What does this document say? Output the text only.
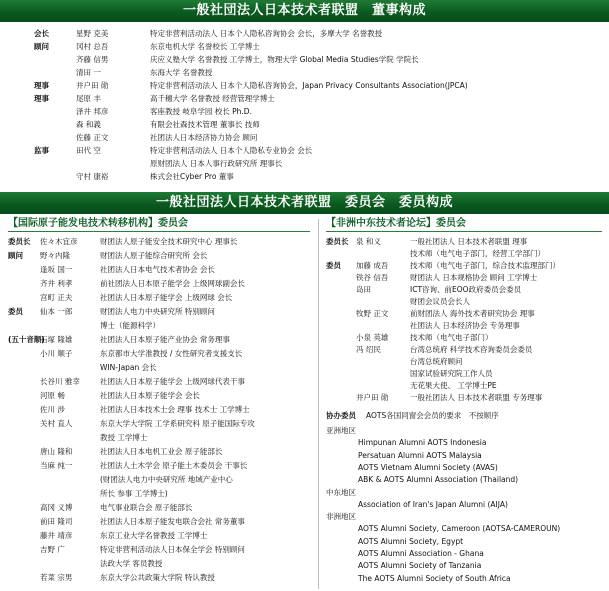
一般社団法人日本技术者联盟　董事构成
会长	星野 克美	特定非营利活动法人 日本个人隐私咨询协会 会长，多摩大学 名誉教授
顾问	冈村 总吾	东京电机大学 名誉校长 工学博士
齐藤 信男	庆应义塾大学 名誉教授 工学博士，物理大学 Global Media Studies学院 学院长
清田 一	东海大学 名誉教授
理事	井户田 勋	特定非营利活动法人 日本个人隐私咨询协会，Japan Privacy Consultants Association(JPCA)
理事	尾原 丰	高千穗大学 名誉教授 经营管理学博士
泽井 邦彦	客座教授 岐阜学园 校长 Ph.D.
森 和義	有限会社森技术管理 董事长 技师
佐藤 正文	社团法人日本经济协力协会 顾问
监事	田代 空	特定非营利活动法人 日本个人隐私专业协会 会长
原财团法人 日本人事行政研究所 理事长
守村 康裕	株式会社Cyber Pro 董事
一般社団法人日本技术者联盟　委员会　委员构成
【国际原子能发电技术转移机构】委员会
委员长 佐々木宜彦	财团法人原子能安全技术研究中心 理事长
顾问 野々内隆	财团法人原子能综合研究所 会长
逢坂 国一	社团法人日本电气技术者协会 会长
齐井 利孝	前社团法人日本原子能学会 上级网球副会长
宫町 正夫	社团法人日本原子能学会 上级网球 会长
委员 仙本 一郎	财团法人电力中央研究所 特别顾问
博士（能源科学）
(五十音顺)
石塚 隆雄	社团法人日本原子能产业协会 常务理事
小川 顺子	东京都市大学准教授 / 女性研究者支援支长
WIN-Japan 会长
长谷川 雅幸	社团法人日本原子能学会 上级网球代表干事
河原 畅	社团法人日本原子能学会 会长
佐川 涉	社团法人日本技术士会 理事 技术士 工学博士
关村 直人	东京大学大学院 工学系研究科 原子能国际专攻
教授 工学博士
唐山 隆和	社团法人日本电机工业会 原子能部长
当麻 纯一	社团法人土木学会 原子能土木委员会 干事长
(财团法人电力中央研究所 地域产业中心
所长 参事 工学博士)
高冈 义博	电气事业联合会 原子能部长
前田 隆司	社团法人日本原子能发电联合会社 常务董事
藤井 靖彦	东京工业大学名誉教授 工学博士
吉野 广	特定非营利活动法人日本保全学会 特别顾问
法政大学 客员教授
若菜 宗男	东京大学公共政策大学院 特认教授
【非洲中东技术者论坛】委员会
委员长 泉 和义	一般社团法人 日本技术者联盟 理事
技术师（电气电子部门，经营工学部门）
委员 加藤 成吾	技术师（电气电子部门，综合技术监理部门）
铁谷 信吾	财团法人 日本规格协会 顾问 工学博士
岛田	ICT咨询、前EOO政府委员会委员
财团会议员会长人
牧野 正文	前财团法人 海外技术者研究协会 理事
社团法人 日本经济协会 专务理事
小泉 英雄	技术师（电气电子部门）
冯 绍民	台湾总统府 科学技术咨询委员会委员
台湾总统府顾问
国家试验研究院工作人员
无花果大使、 工学博士PE
井户田 勋	一般社团法人 日本技术者联盟 专务理事
协办委员 AOTS各国同窗会会员的要求　不按顺序
亚洲地区
Himpunan Alumni AOTS Indonesia
Persatuan Alumni AOTS Malaysia
AOTS Vietnam Alumni Society (AVAS)
ABK & AOTS Alumni Association (Thailand)
中东地区
Association of Iran's Japan Alumni (AIJA)
非洲地区
AOTS Alumni Society, Cameroon (AOTSA-CAMEROUN)
AOTS Alumni Society, Egypt
AOTS Alumni Association - Ghana
AOTS Alumni Society of Tanzania
The AOTS Alumni Society of South Africa
